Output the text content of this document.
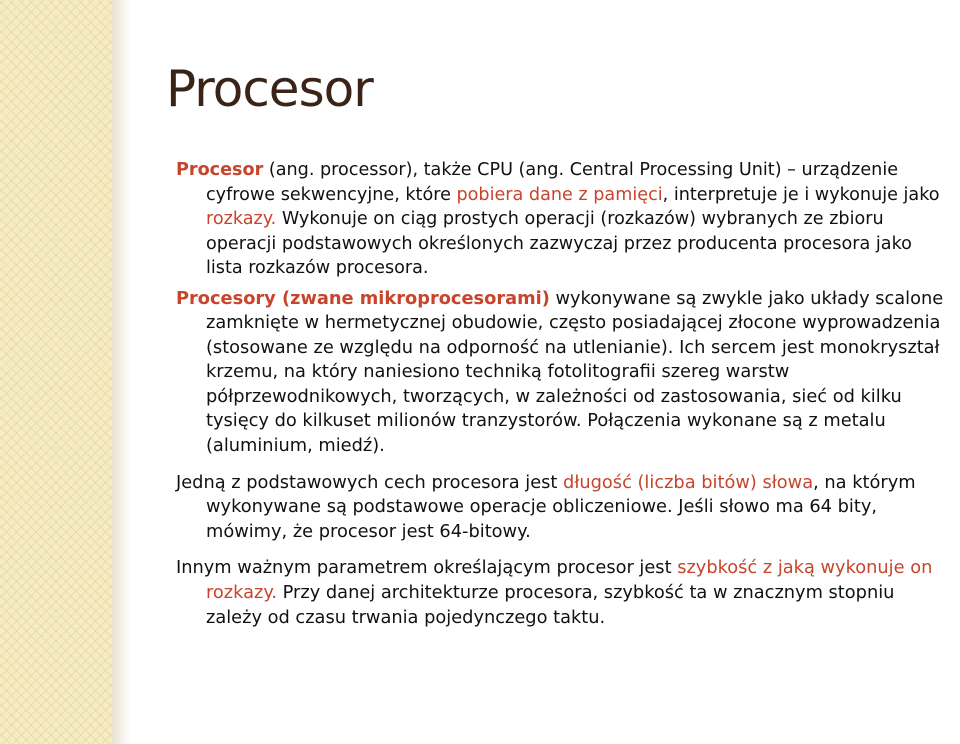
Procesor

Procesor (ang. processor), także CPU (ang. Central Processing Unit) – urządzenie cyfrowe sekwencyjne, które pobiera dane z pamięci, interpretuje je i wykonuje jako rozkazy. Wykonuje on ciąg prostych operacji (rozkazów) wybranych ze zbioru operacji podstawowych określonych zazwyczaj przez producenta procesora jako lista rozkazów procesora.

Procesory (zwane mikroprocesorami) wykonywane są zwykle jako układy scalone zamknięte w hermetycznej obudowie, często posiadającej złocone wyprowadzenia (stosowane ze względu na odporność na utlenianie). Ich sercem jest monokryształ krzemu, na który naniesiono techniką fotolitografii szereg warstw półprzewodnikowych, tworzących, w zależności od zastosowania, sieć od kilku tysięcy do kilkuset milionów tranzystorów. Połączenia wykonane są z metalu (aluminium, miedź).

Jedną z podstawowych cech procesora jest długość (liczba bitów) słowa, na którym wykonywane są podstawowe operacje obliczeniowe. Jeśli słowo ma 64 bity, mówimy, że procesor jest 64-bitowy.

Innym ważnym parametrem określającym procesor jest szybkość z jaką wykonuje on rozkazy. Przy danej architekturze procesora, szybkość ta w znacznym stopniu zależy od czasu trwania pojedynczego taktu.
